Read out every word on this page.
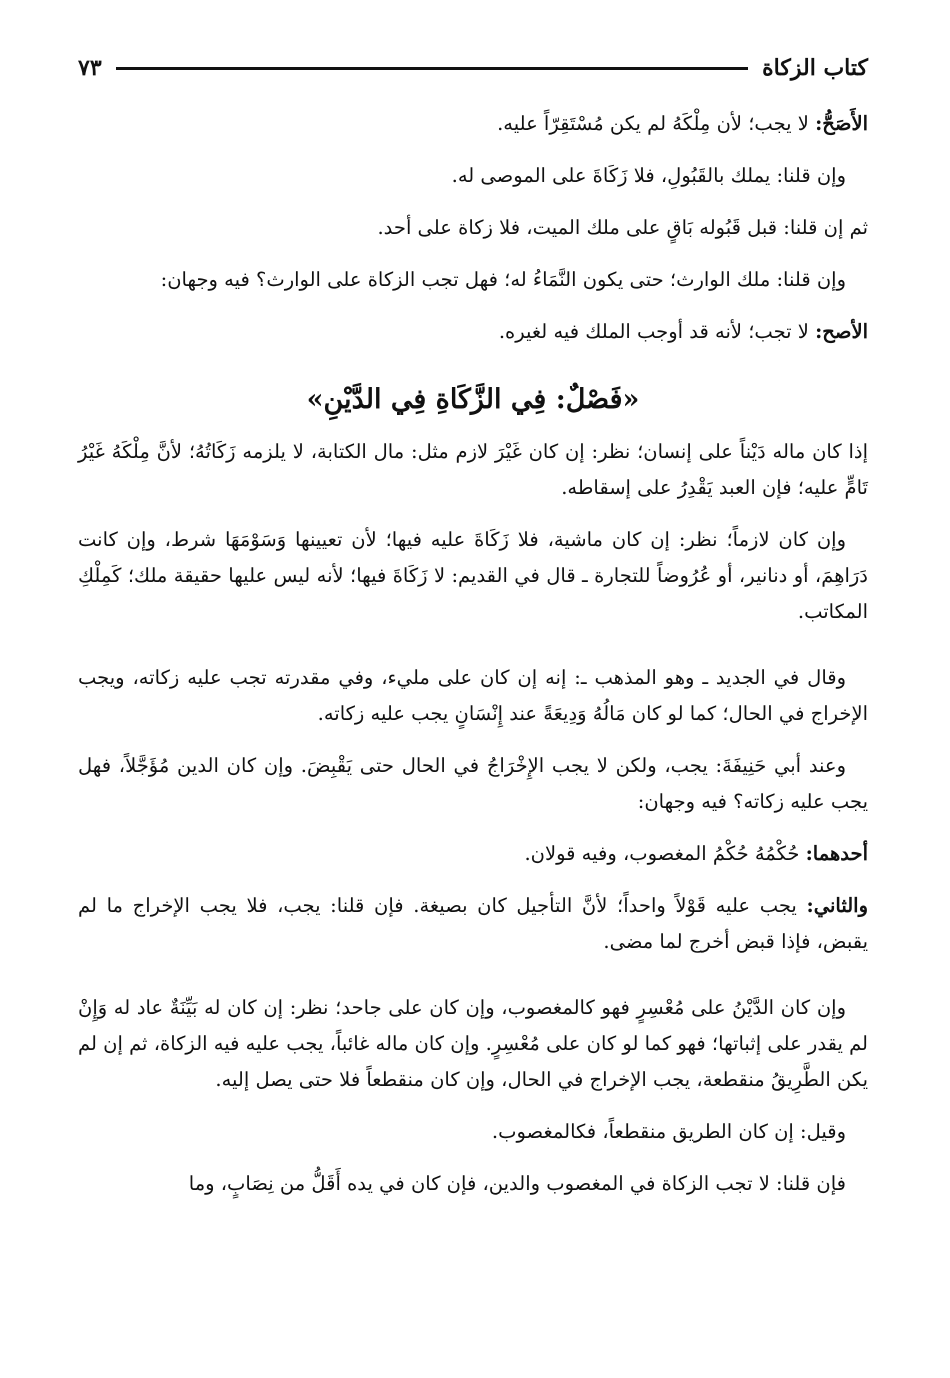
كتاب الزكاة
٧٣

الأَصَحُّ: لا يجب؛ لأن مِلْكَهُ لم يكن مُسْتَقِرّاً عليه.

وإن قلنا: يملك بالقَبُولِ، فلا زَكَاةَ على الموصى له.

ثم إن قلنا: قبل قَبُوله بَاقٍ على ملك الميت، فلا زكاة على أحد.

وإن قلنا: ملك الوارث؛ حتى يكون النَّمَاءُ له؛ فهل تجب الزكاة على الوارث؟ فيه وجهان:

الأصح: لا تجب؛ لأنه قد أوجب الملك فيه لغيره.

«فَصْلٌ: فِي الزَّكَاةِ فِي الدَّيْنِ»

إذا كان ماله دَيْناً على إنسان؛ نظر: إن كان غَيْرَ لازم مثل: مال الكتابة، لا يلزمه زَكَاتُهُ؛ لأنَّ مِلْكَهُ غَيْرُ تَامٍّ عليه؛ فإن العبد يَقْدِرُ على إسقاطه.

وإن كان لازماً؛ نظر: إن كان ماشية، فلا زَكَاةَ عليه فيها؛ لأن تعيينها وَسَوْمَهَا شرط، وإن كانت دَرَاهِمَ، أو دنانير، أو عُرُوضاً للتجارة ـ قال في القديم: لا زَكَاةَ فيها؛ لأنه ليس عليها حقيقة ملك؛ كَمِلْكِ المكاتب.

وقال في الجديد ـ وهو المذهب ـ: إنه إن كان على مليء، وفي مقدرته تجب عليه زكاته، ويجب الإخراج في الحال؛ كما لو كان مَالُهُ وَدِيعَةً عند إِنْسَانٍ يجب عليه زكاته.

وعند أبي حَنِيفَةَ: يجب، ولكن لا يجب الإِخْرَاجُ في الحال حتى يَقْبِضَ. وإن كان الدين مُؤَجَّلاً، فهل يجب عليه زكاته؟ فيه وجهان:

أحدهما: حُكْمُهُ حُكْمُ المغصوب، وفيه قولان.

والثاني: يجب عليه قَوْلاً واحداً؛ لأنَّ التأجيل كان بصيغة. فإن قلنا: يجب، فلا يجب الإخراج ما لم يقبض، فإذا قبض أخرج لما مضى.

وإن كان الدَّيْنُ على مُعْسِرٍ فهو كالمغصوب، وإن كان على جاحد؛ نظر: إن كان له بَيِّنَةٌ عاد له وَإِنْ لم يقدر على إثباتها؛ فهو كما لو كان على مُعْسِرٍ. وإن كان ماله غائباً، يجب عليه فيه الزكاة، ثم إن لم يكن الطَّرِيقُ منقطعة، يجب الإخراج في الحال، وإن كان منقطعاً فلا حتى يصل إليه.

وقيل: إن كان الطريق منقطعاً، فكالمغصوب.

فإن قلنا: لا تجب الزكاة في المغصوب والدين، فإن كان في يده أَقَلُّ من نِصَابٍ، وما
